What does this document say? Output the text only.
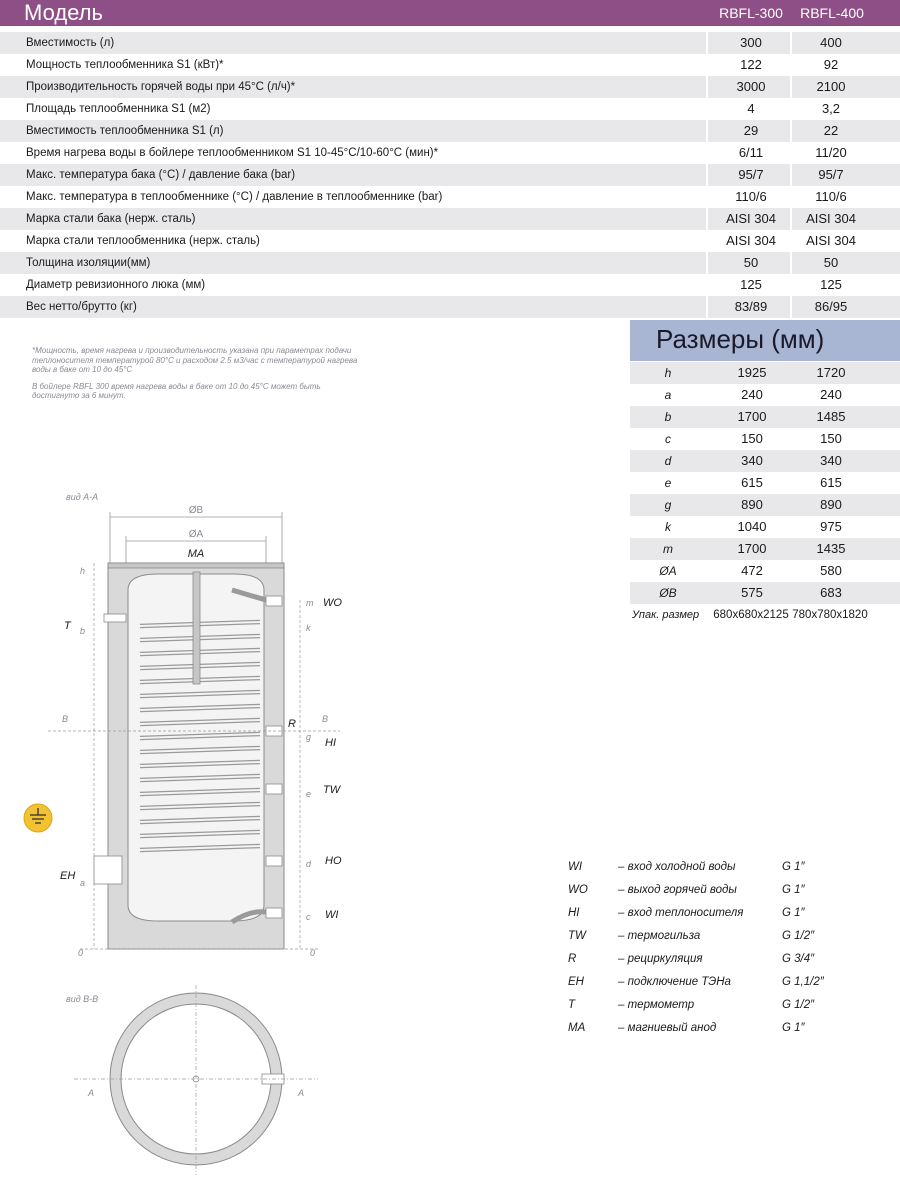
Модель	RBFL-300 RBFL-400
Вместимость (л)	300	400
Мощность теплообменника S1 (кВт)*	122	92
Производительность горячей воды при 45°C (л/ч)*	3000	2100
Площадь теплообменника S1 (м2)	4	3,2
Вместимость теплообменника S1 (л)	29	22
Время нагрева воды в бойлере теплообменником S1 10-45°C/10-60°C (мин)*	6/11	11/20
Макс. температура бака (°C) / давление бака (bar)	95/7	95/7
Макс. температура в теплообменнике (°C) / давление в теплообменнике (bar)	110/6	110/6
Марка стали бака (нерж. сталь)	AISI 304	AISI 304
Марка стали теплообменника (нерж. сталь)	AISI 304	AISI 304
Толщина изоляции(мм)	50	50
Диаметр ревизионного люка (мм)	125	125
Вес нетто/брутто (кг)	83/89	86/95

*Мощность, время нагрева и производительность указана при параметрах подачи теплоносителя температурой 80°C и расходом 2.5 м3/час с температурой нагрева воды в баке от 10 до 45°C

В бойлере RBFL 300 время нагрева воды в баке от 10 до 45°C может быть достигнуто за 6 минут.

Размеры (мм)
h	1925	1720
a	240	240
b	1700	1485
c	150	150
d	340	340
e	615	615
g	890	890
k	1040	975
m	1700	1435
ØA	472	580
ØB	575	683
Упак. размер 680x680x2125 780x780x1820
WI	– вход холодной воды	G 1″
WO	– выход горячей воды	G 1″
HI	– вход теплоносителя	G 1″
TW	– термогильза	G 1/2″
R	– рециркуляция	G 3/4″
EH	– подключение ТЭНа	G 1,1/2″
T	– термометр	G 1/2″
MA	– магниевый анод	G 1″
вид A-A
вид B-B
ØB
ØA
MA
h
b
a
0
T
EH
B
m
k
g
e
d
c
0
B
R
WO
HI
TW
HO
WI
A	A
